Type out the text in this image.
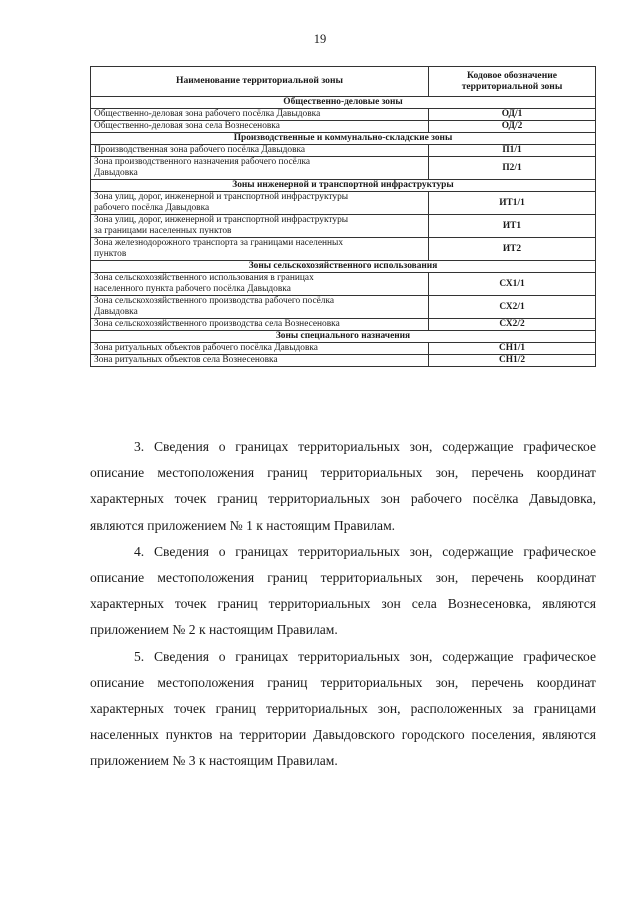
19
Наименование территориальной зоны	Кодовое обозначение
территориальной зоны
Общественно-деловые зоны	
Общественно-деловая зона рабочего посёлка Давыдовка	ОД/1
Общественно-деловая зона села Вознесеновка	ОД/2
Производственные и коммунально-складские зоны	
Производственная зона рабочего посёлка Давыдовка	П1/1
Зона производственного назначения рабочего посёлка
Давыдовка	П2/1
Зоны инженерной и транспортной инфраструктуры	
Зона улиц, дорог, инженерной и транспортной инфраструктуры
рабочего посёлка Давыдовка	ИТ1/1
Зона улиц, дорог, инженерной и транспортной инфраструктуры
за границами населенных пунктов	ИТ1
Зона железнодорожного транспорта за границами населенных
пунктов	ИТ2
Зоны сельскохозяйственного использования	
Зона сельскохозяйственного использования в границах
населенного пункта рабочего посёлка Давыдовка	СХ1/1
Зона сельскохозяйственного производства рабочего посёлка
Давыдовка	СХ2/1
Зона сельскохозяйственного производства села Вознесеновка	СХ2/2
Зоны специального назначения	
Зона ритуальных объектов рабочего посёлка Давыдовка	СН1/1
Зона ритуальных объектов села Вознесеновка	СН1/2

3. Сведения о границах территориальных зон, содержащие графическое описание местоположения границ территориальных зон, перечень координат характерных точек границ территориальных зон рабочего посёлка Давыдовка, являются приложением № 1 к настоящим Правилам.

4. Сведения о границах территориальных зон, содержащие графическое описание местоположения границ территориальных зон, перечень координат характерных точек границ территориальных зон села Вознесеновка, являются приложением № 2 к настоящим Правилам.

5. Сведения о границах территориальных зон, содержащие графическое описание местоположения границ территориальных зон, перечень координат характерных точек границ территориальных зон, расположенных за границами населенных пунктов на территории Давыдовского городского поселения, являются приложением № 3 к настоящим Правилам.
